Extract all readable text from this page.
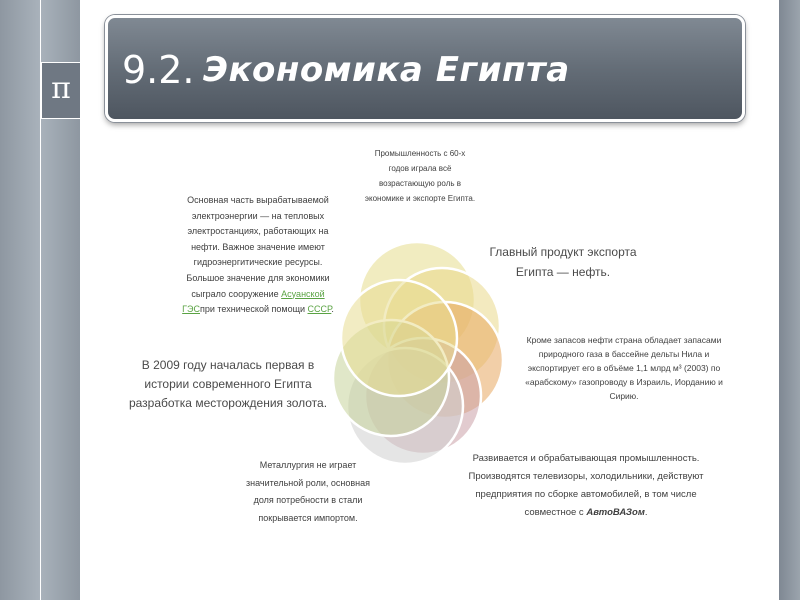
π 9.2. Экономика Египта
Промышленность с 60-х годов играла всё возрастающую роль в экономике и экспорте Египта.
Основная часть вырабатываемой электроэнергии — на тепловых электростанциях, работающих на нефти. Важное значение имеют гидроэнергитические ресурсы. Большое значение для экономики сыграло сооружение Асуанской ГЭСпри технической помощи СССР.
Главный продукт экспорта Египта — нефть.
Кроме запасов нефти страна обладает запасами природного газа в бассейне дельты Нила и экспортирует его в объёме 1,1 млрд м³ (2003) по «арабскому» газопроводу в Израиль, Иорданию и Сирию.
В 2009 году началась первая в истории современного Египта разработка месторождения золота.
Развивается и обрабатывающая промышленность. Производятся телевизоры, холодильники, действуют предприятия по сборке автомобилей, в том числе совместное с АвтоВАЗом.
Металлургия не играет значительной роли, основная доля потребности в стали покрывается импортом.
